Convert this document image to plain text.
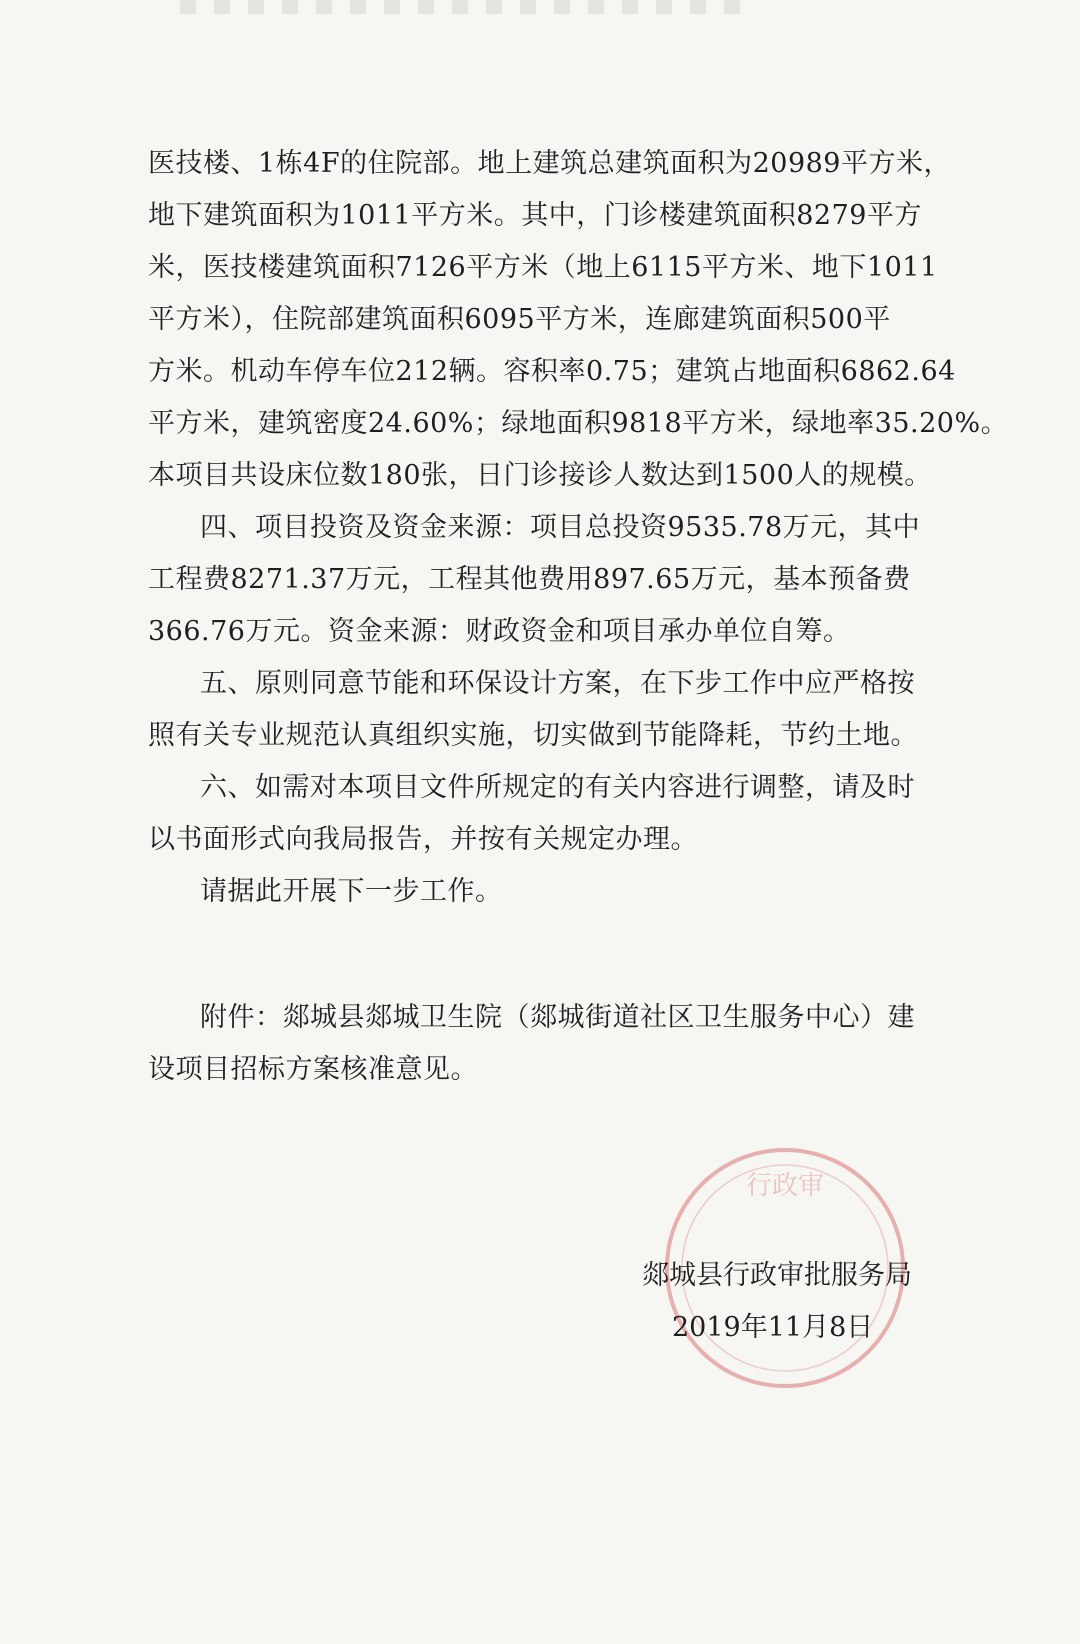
医技楼、1栋4F的住院部。地上建筑总建筑面积为20989平方米，
地下建筑面积为1011平方米。其中，门诊楼建筑面积8279平方
米，医技楼建筑面积7126平方米（地上6115平方米、地下1011
平方米），住院部建筑面积6095平方米，连廊建筑面积500平
方米。机动车停车位212辆。容积率0.75；建筑占地面积6862.64
平方米，建筑密度24.60%；绿地面积9818平方米，绿地率35.20%。
本项目共设床位数180张，日门诊接诊人数达到1500人的规模。
四、项目投资及资金来源：项目总投资9535.78万元，其中
工程费8271.37万元，工程其他费用897.65万元，基本预备费
366.76万元。资金来源：财政资金和项目承办单位自筹。
五、原则同意节能和环保设计方案，在下步工作中应严格按
照有关专业规范认真组织实施，切实做到节能降耗，节约土地。
六、如需对本项目文件所规定的有关内容进行调整，请及时
以书面形式向我局报告，并按有关规定办理。
请据此开展下一步工作。
附件：郯城县郯城卫生院（郯城街道社区卫生服务中心）建
设项目招标方案核准意见。
行政审
郯城县行政审批服务局
2019年11月8日
